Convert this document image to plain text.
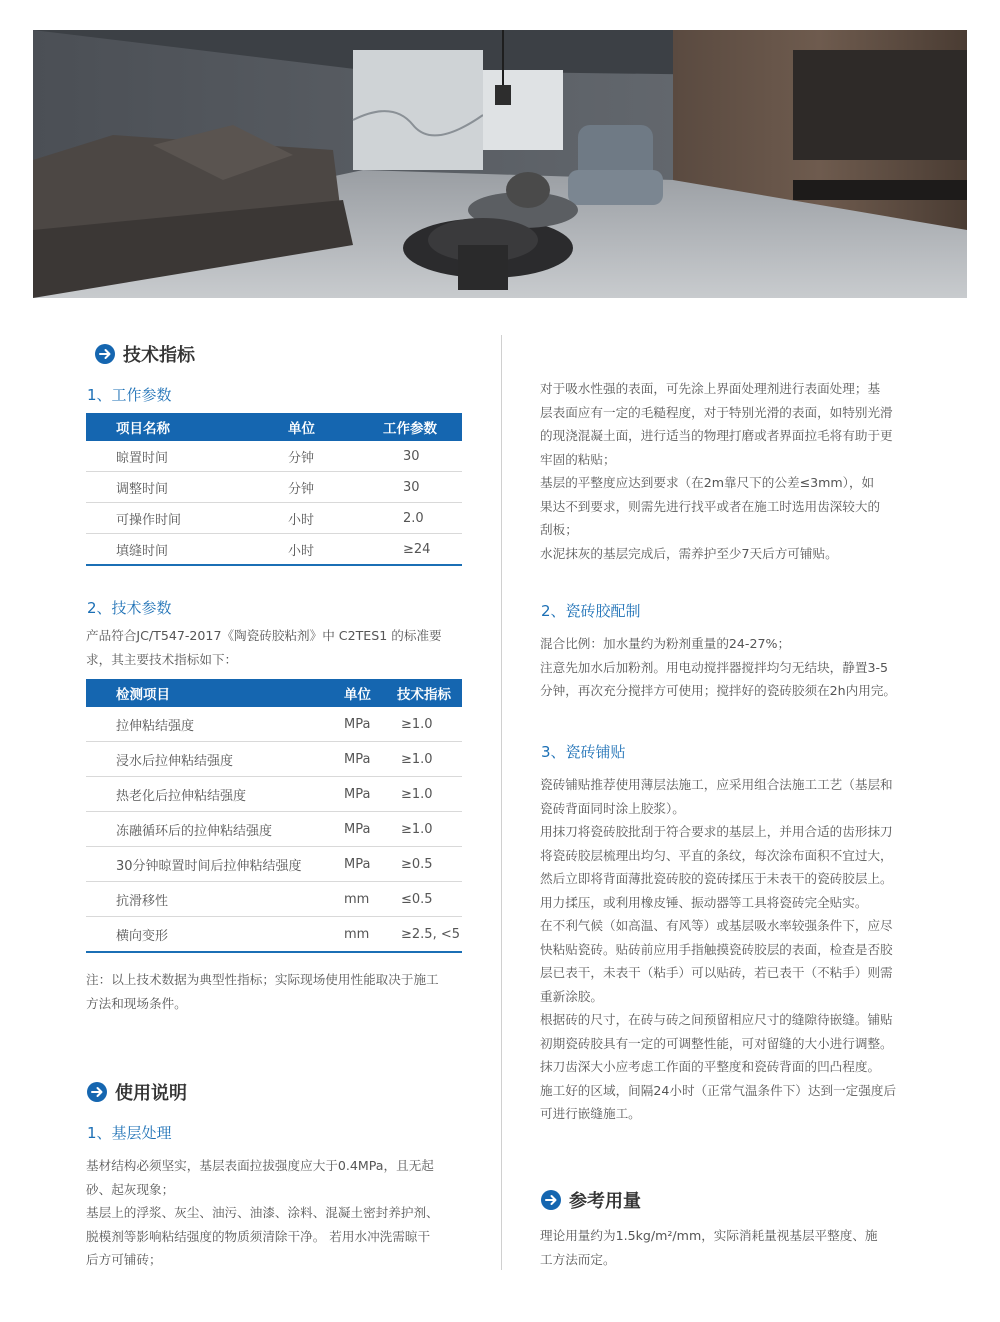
技术指标
1、工作参数
	项目名称	单位	工作参数
	晾置时间	分钟	30
	调整时间	分钟	30
	可操作时间	小时	2.0
	填缝时间	小时	≥24
2、技术参数

产品符合JC/T547-2017《陶瓷砖胶粘剂》中 C2TES1 的标准要

求，其主要技术指标如下：

	检测项目	单位	技术指标
	拉伸粘结强度	MPa	≥1.0
	浸水后拉伸粘结强度	MPa	≥1.0
	热老化后拉伸粘结强度	MPa	≥1.0
	冻融循环后的拉伸粘结强度	MPa	≥1.0
	30分钟晾置时间后拉伸粘结强度	MPa	≥0.5
	抗滑移性	mm	≤0.5
	横向变形	mm	≥2.5, <5

注：以上技术数据为典型性指标；实际现场使用性能取决于施工

方法和现场条件。

使用说明
1、基层处理

基材结构必须坚实，基层表面拉拔强度应大于0.4MPa，且无起

砂、起灰现象；

基层上的浮浆、灰尘、油污、油漆、涂料、混凝土密封养护剂、

脱模剂等影响粘结强度的物质须清除干净。 若用水冲洗需晾干

后方可铺砖；

对于吸水性强的表面，可先涂上界面处理剂进行表面处理；基

层表面应有一定的毛糙程度，对于特别光滑的表面，如特别光滑

的现浇混凝土面，进行适当的物理打磨或者界面拉毛将有助于更

牢固的粘贴；

基层的平整度应达到要求（在2m靠尺下的公差≤3mm），如

果达不到要求，则需先进行找平或者在施工时选用齿深较大的

刮板；

水泥抹灰的基层完成后，需养护至少7天后方可铺贴。

2、瓷砖胶配制

混合比例：加水量约为粉剂重量的24-27%；

注意先加水后加粉剂。用电动搅拌器搅拌均匀无结块，静置3-5

分钟，再次充分搅拌方可使用；搅拌好的瓷砖胶须在2h内用完。

3、瓷砖铺贴

瓷砖铺贴推荐使用薄层法施工，应采用组合法施工工艺（基层和

瓷砖背面同时涂上胶浆）。

用抹刀将瓷砖胶批刮于符合要求的基层上，并用合适的齿形抹刀

将瓷砖胶层梳理出均匀、平直的条纹，每次涂布面积不宜过大，

然后立即将背面薄批瓷砖胶的瓷砖揉压于未表干的瓷砖胶层上。

用力揉压，或利用橡皮锤、振动器等工具将瓷砖完全贴实。

在不利气候（如高温、有风等）或基层吸水率较强条件下，应尽

快粘贴瓷砖。贴砖前应用手指触摸瓷砖胶层的表面，检查是否胶

层已表干，未表干（粘手）可以贴砖，若已表干（不粘手）则需

重新涂胶。

根据砖的尺寸，在砖与砖之间预留相应尺寸的缝隙待嵌缝。铺贴

初期瓷砖胶具有一定的可调整性能，可对留缝的大小进行调整。

抹刀齿深大小应考虑工作面的平整度和瓷砖背面的凹凸程度。

施工好的区域，间隔24小时（正常气温条件下）达到一定强度后

可进行嵌缝施工。

参考用量

理论用量约为1.5kg/m²/mm，实际消耗量视基层平整度、施

工方法而定。
